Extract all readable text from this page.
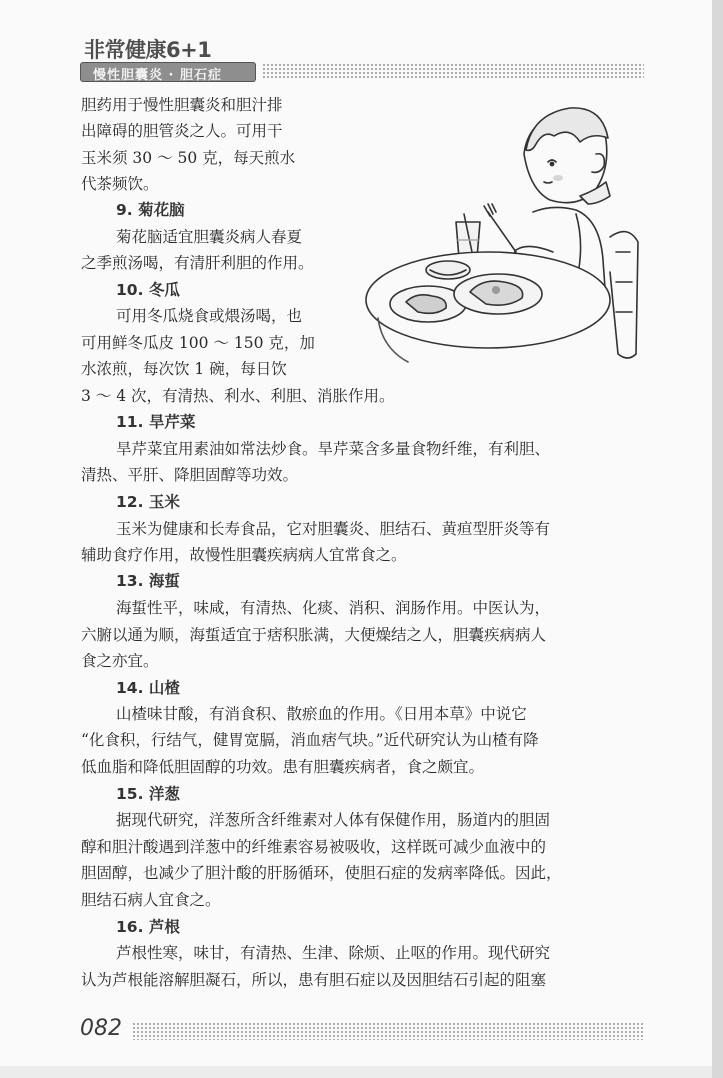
非常健康6+1
慢性胆囊炎 · 胆石症

胆药用于慢性胆囊炎和胆汁排

出障碍的胆管炎之人。可用干

玉米须 30 ～ 50 克，每天煎水

代茶频饮。

9. 菊花脑

菊花脑适宜胆囊炎病人春夏

之季煎汤喝，有清肝利胆的作用。

10. 冬瓜

可用冬瓜烧食或煨汤喝，也

可用鲜冬瓜皮 100 ～ 150 克，加

水浓煎，每次饮 1 碗，每日饮

3 ～ 4 次，有清热、利水、利胆、消胀作用。

11. 旱芹菜

旱芹菜宜用素油如常法炒食。旱芹菜含多量食物纤维，有利胆、

清热、平肝、降胆固醇等功效。

12. 玉米

玉米为健康和长寿食品，它对胆囊炎、胆结石、黄疸型肝炎等有

辅助食疗作用，故慢性胆囊疾病病人宜常食之。

13. 海蜇

海蜇性平，味咸，有清热、化痰、消积、润肠作用。中医认为，

六腑以通为顺，海蜇适宜于痞积胀满，大便燥结之人，胆囊疾病病人

食之亦宜。

14. 山楂

山楂味甘酸，有消食积、散瘀血的作用。《日用本草》中说它

“化食积，行结气，健胃宽膈，消血痞气块。”近代研究认为山楂有降

低血脂和降低胆固醇的功效。患有胆囊疾病者，食之颇宜。

15. 洋葱

据现代研究，洋葱所含纤维素对人体有保健作用，肠道内的胆固

醇和胆汁酸遇到洋葱中的纤维素容易被吸收，这样既可减少血液中的

胆固醇，也减少了胆汁酸的肝肠循环，使胆石症的发病率降低。因此，

胆结石病人宜食之。

16. 芦根

芦根性寒，味甘，有清热、生津、除烦、止呕的作用。现代研究

认为芦根能溶解胆凝石，所以，患有胆石症以及因胆结石引起的阻塞

082
